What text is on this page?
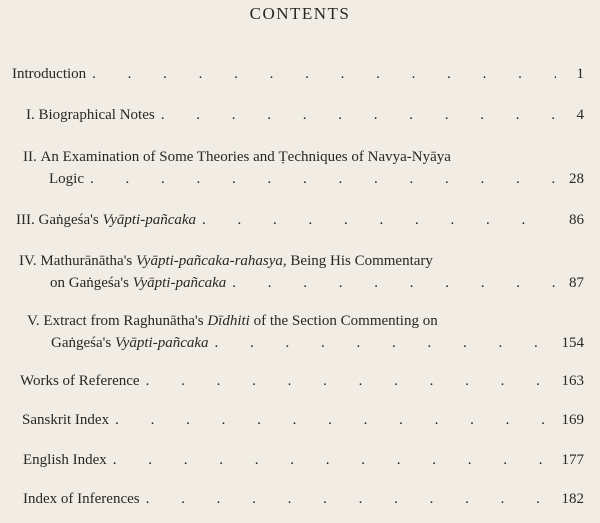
CONTENTS
Introduction . . .	1
I.
Biographical Notes . . .	4
II.
An Examination of Some Theories and Ṭechniques of Navya-Nyāya
Logic . . .	28
III.
Gaṅgeśa's Vyāpti-pañcaka . . .	86
IV.
Mathurānātha's Vyāpti-pañcaka-rahasya, Being His Commentary
on Gaṅgeśa's Vyāpti-pañcaka . . .	87
V.
Extract from Raghunātha's Dīdhiti of the Section Commenting on
Gaṅgeśa's Vyāpti-pañcaka . . .	154
Works of Reference . . .	163
Sanskrit Index . . .	169
English Index . . .	177
Index of Inferences . . .	182
